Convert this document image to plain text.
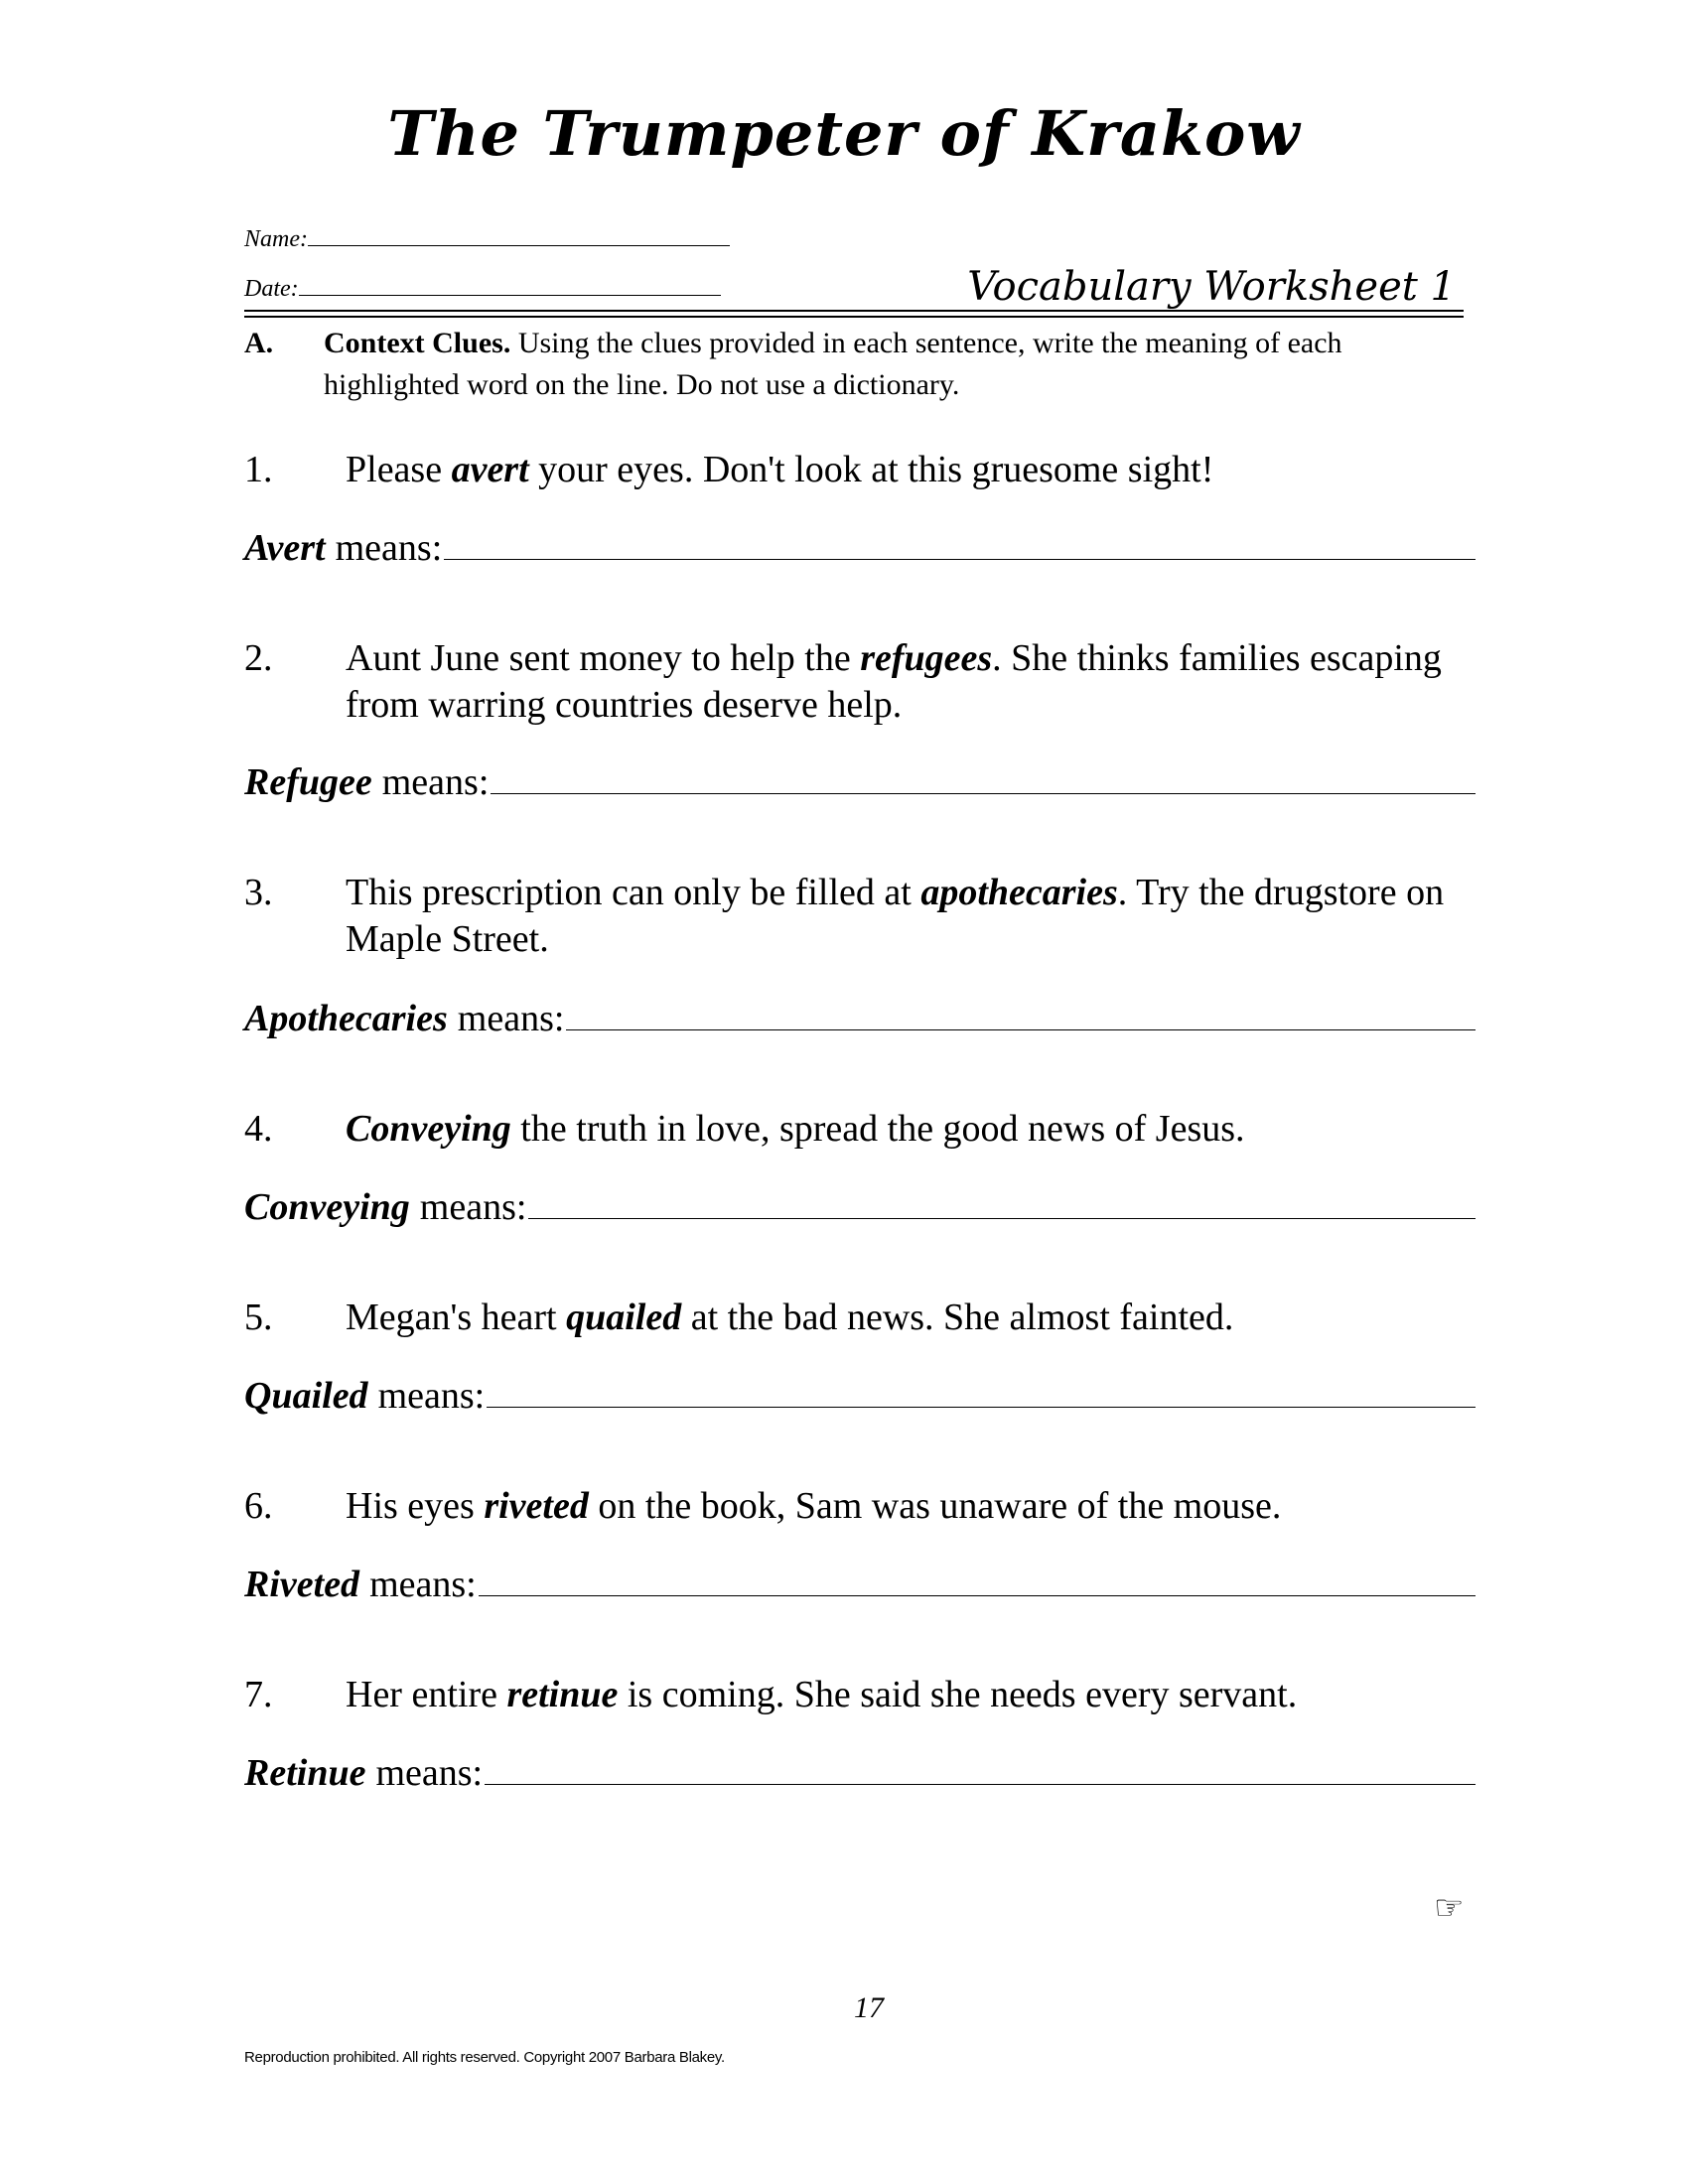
The Trumpeter of Krakow
Name:
Date:	Vocabulary Worksheet 1
A. Context Clues. Using the clues provided in each sentence, write the meaning of each highlighted word on the line. Do not use a dictionary.
1. Please avert your eyes. Don't look at this gruesome sight!
Avert means:
2. Aunt June sent money to help the refugees. She thinks families escaping from warring countries deserve help.
Refugee means:
3. This prescription can only be filled at apothecaries. Try the drugstore on Maple Street.
Apothecaries means:
4. Conveying the truth in love, spread the good news of Jesus.
Conveying means:
5. Megan's heart quailed at the bad news. She almost fainted.
Quailed means:
6. His eyes riveted on the book, Sam was unaware of the mouse.
Riveted means:
7. Her entire retinue is coming. She said she needs every servant.
Retinue means:
☞
17
Reproduction prohibited. All rights reserved. Copyright 2007 Barbara Blakey.
